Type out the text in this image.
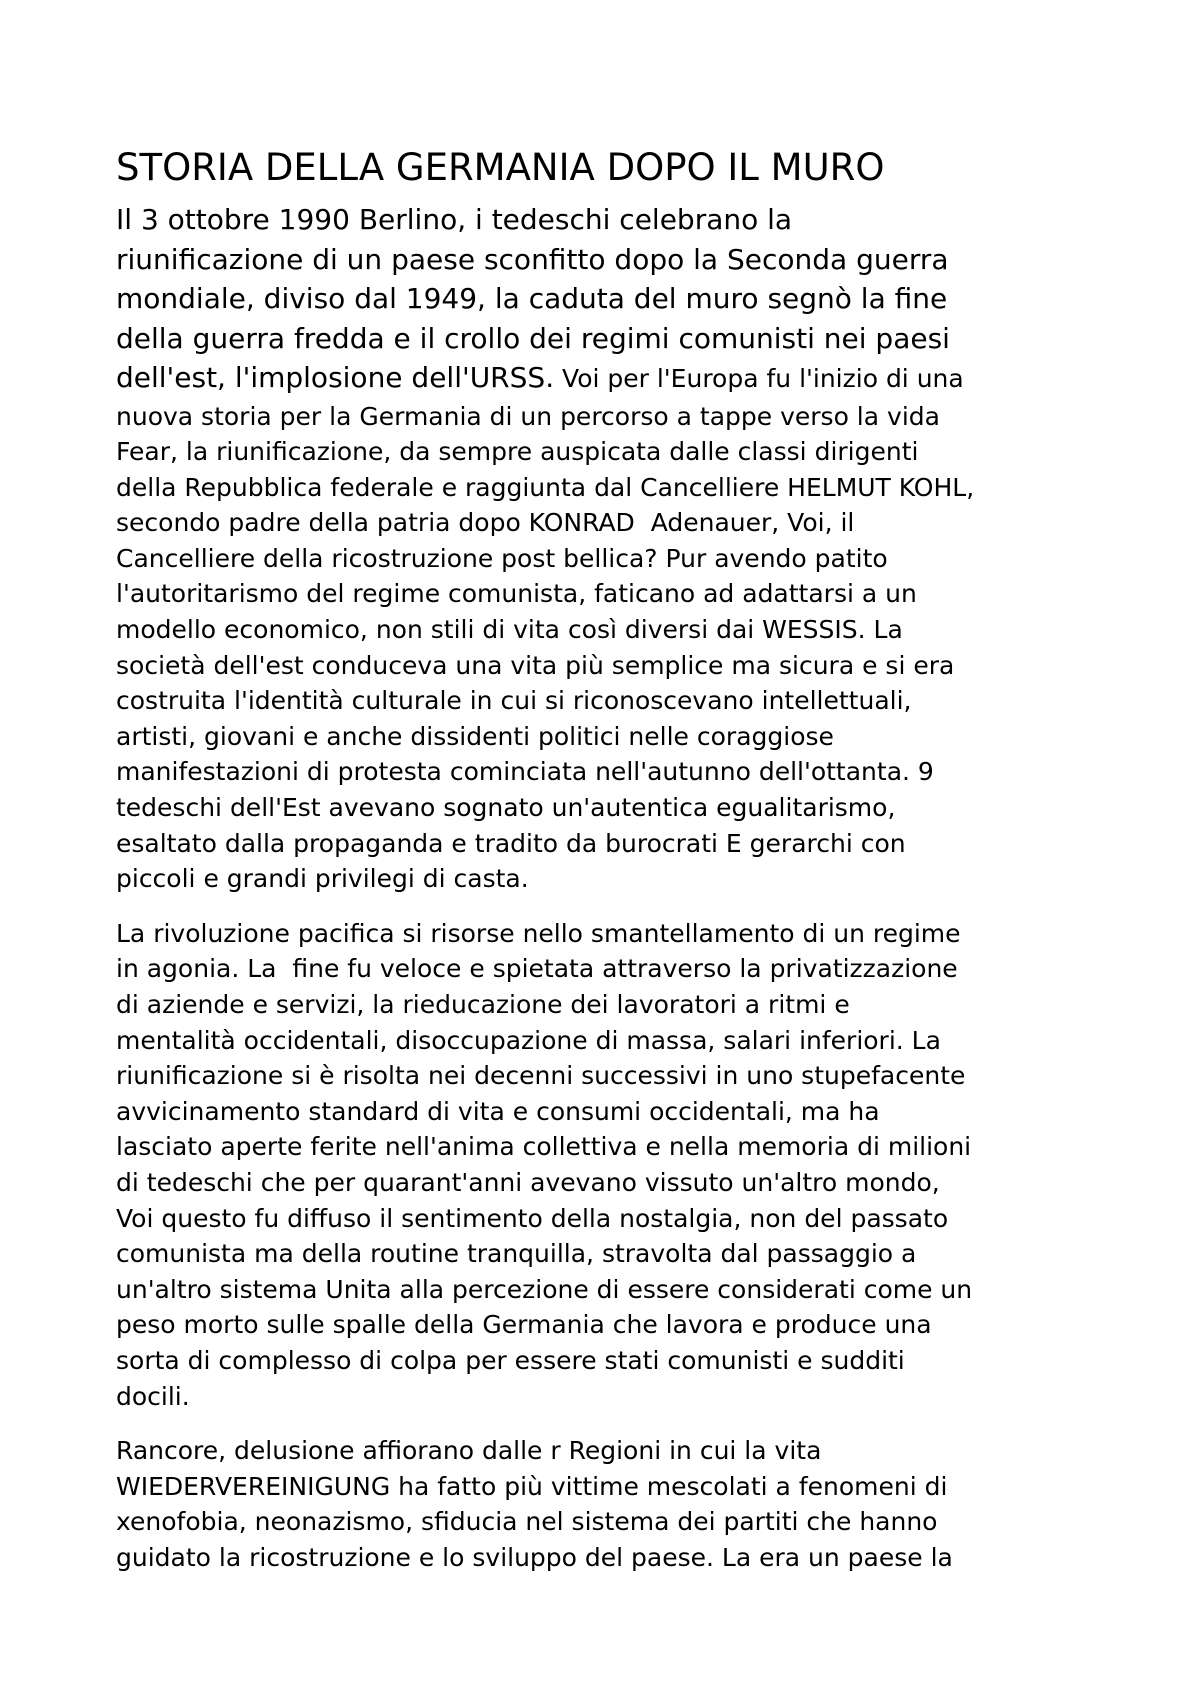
STORIA DELLA GERMANIA DOPO IL MURO

Il 3 ottobre 1990 Berlino, i tedeschi celebrano la
riunificazione di un paese sconfitto dopo la Seconda guerra
mondiale, diviso dal 1949, la caduta del muro segnò la fine
della guerra fredda e il crollo dei regimi comunisti nei paesi
dell'est, l'implosione dell'URSS. Voi per l'Europa fu l'inizio di una
nuova storia per la Germania di un percorso a tappe verso la vida
Fear, la riunificazione, da sempre auspicata dalle classi dirigenti
della Repubblica federale e raggiunta dal Cancelliere HELMUT KOHL,
secondo padre della patria dopo KONRAD  Adenauer, Voi, il
Cancelliere della ricostruzione post bellica? Pur avendo patito
l'autoritarismo del regime comunista, faticano ad adattarsi a un
modello economico, non stili di vita così diversi dai WESSIS. La
società dell'est conduceva una vita più semplice ma sicura e si era
costruita l'identità culturale in cui si riconoscevano intellettuali,
artisti, giovani e anche dissidenti politici nelle coraggiose
manifestazioni di protesta cominciata nell'autunno dell'ottanta. 9
tedeschi dell'Est avevano sognato un'autentica egualitarismo,
esaltato dalla propaganda e tradito da burocrati E gerarchi con
piccoli e grandi privilegi di casta.

La rivoluzione pacifica si risorse nello smantellamento di un regime
in agonia. La  fine fu veloce e spietata attraverso la privatizzazione
di aziende e servizi, la rieducazione dei lavoratori a ritmi e
mentalità occidentali, disoccupazione di massa, salari inferiori. La
riunificazione si è risolta nei decenni successivi in uno stupefacente
avvicinamento standard di vita e consumi occidentali, ma ha
lasciato aperte ferite nell'anima collettiva e nella memoria di milioni
di tedeschi che per quarant'anni avevano vissuto un'altro mondo,
Voi questo fu diffuso il sentimento della nostalgia, non del passato
comunista ma della routine tranquilla, stravolta dal passaggio a
un'altro sistema Unita alla percezione di essere considerati come un
peso morto sulle spalle della Germania che lavora e produce una
sorta di complesso di colpa per essere stati comunisti e sudditi
docili.

Rancore, delusione affiorano dalle r Regioni in cui la vita
WIEDERVEREINIGUNG ha fatto più vittime mescolati a fenomeni di
xenofobia, neonazismo, sfiducia nel sistema dei partiti che hanno
guidato la ricostruzione e lo sviluppo del paese. La era un paese la
